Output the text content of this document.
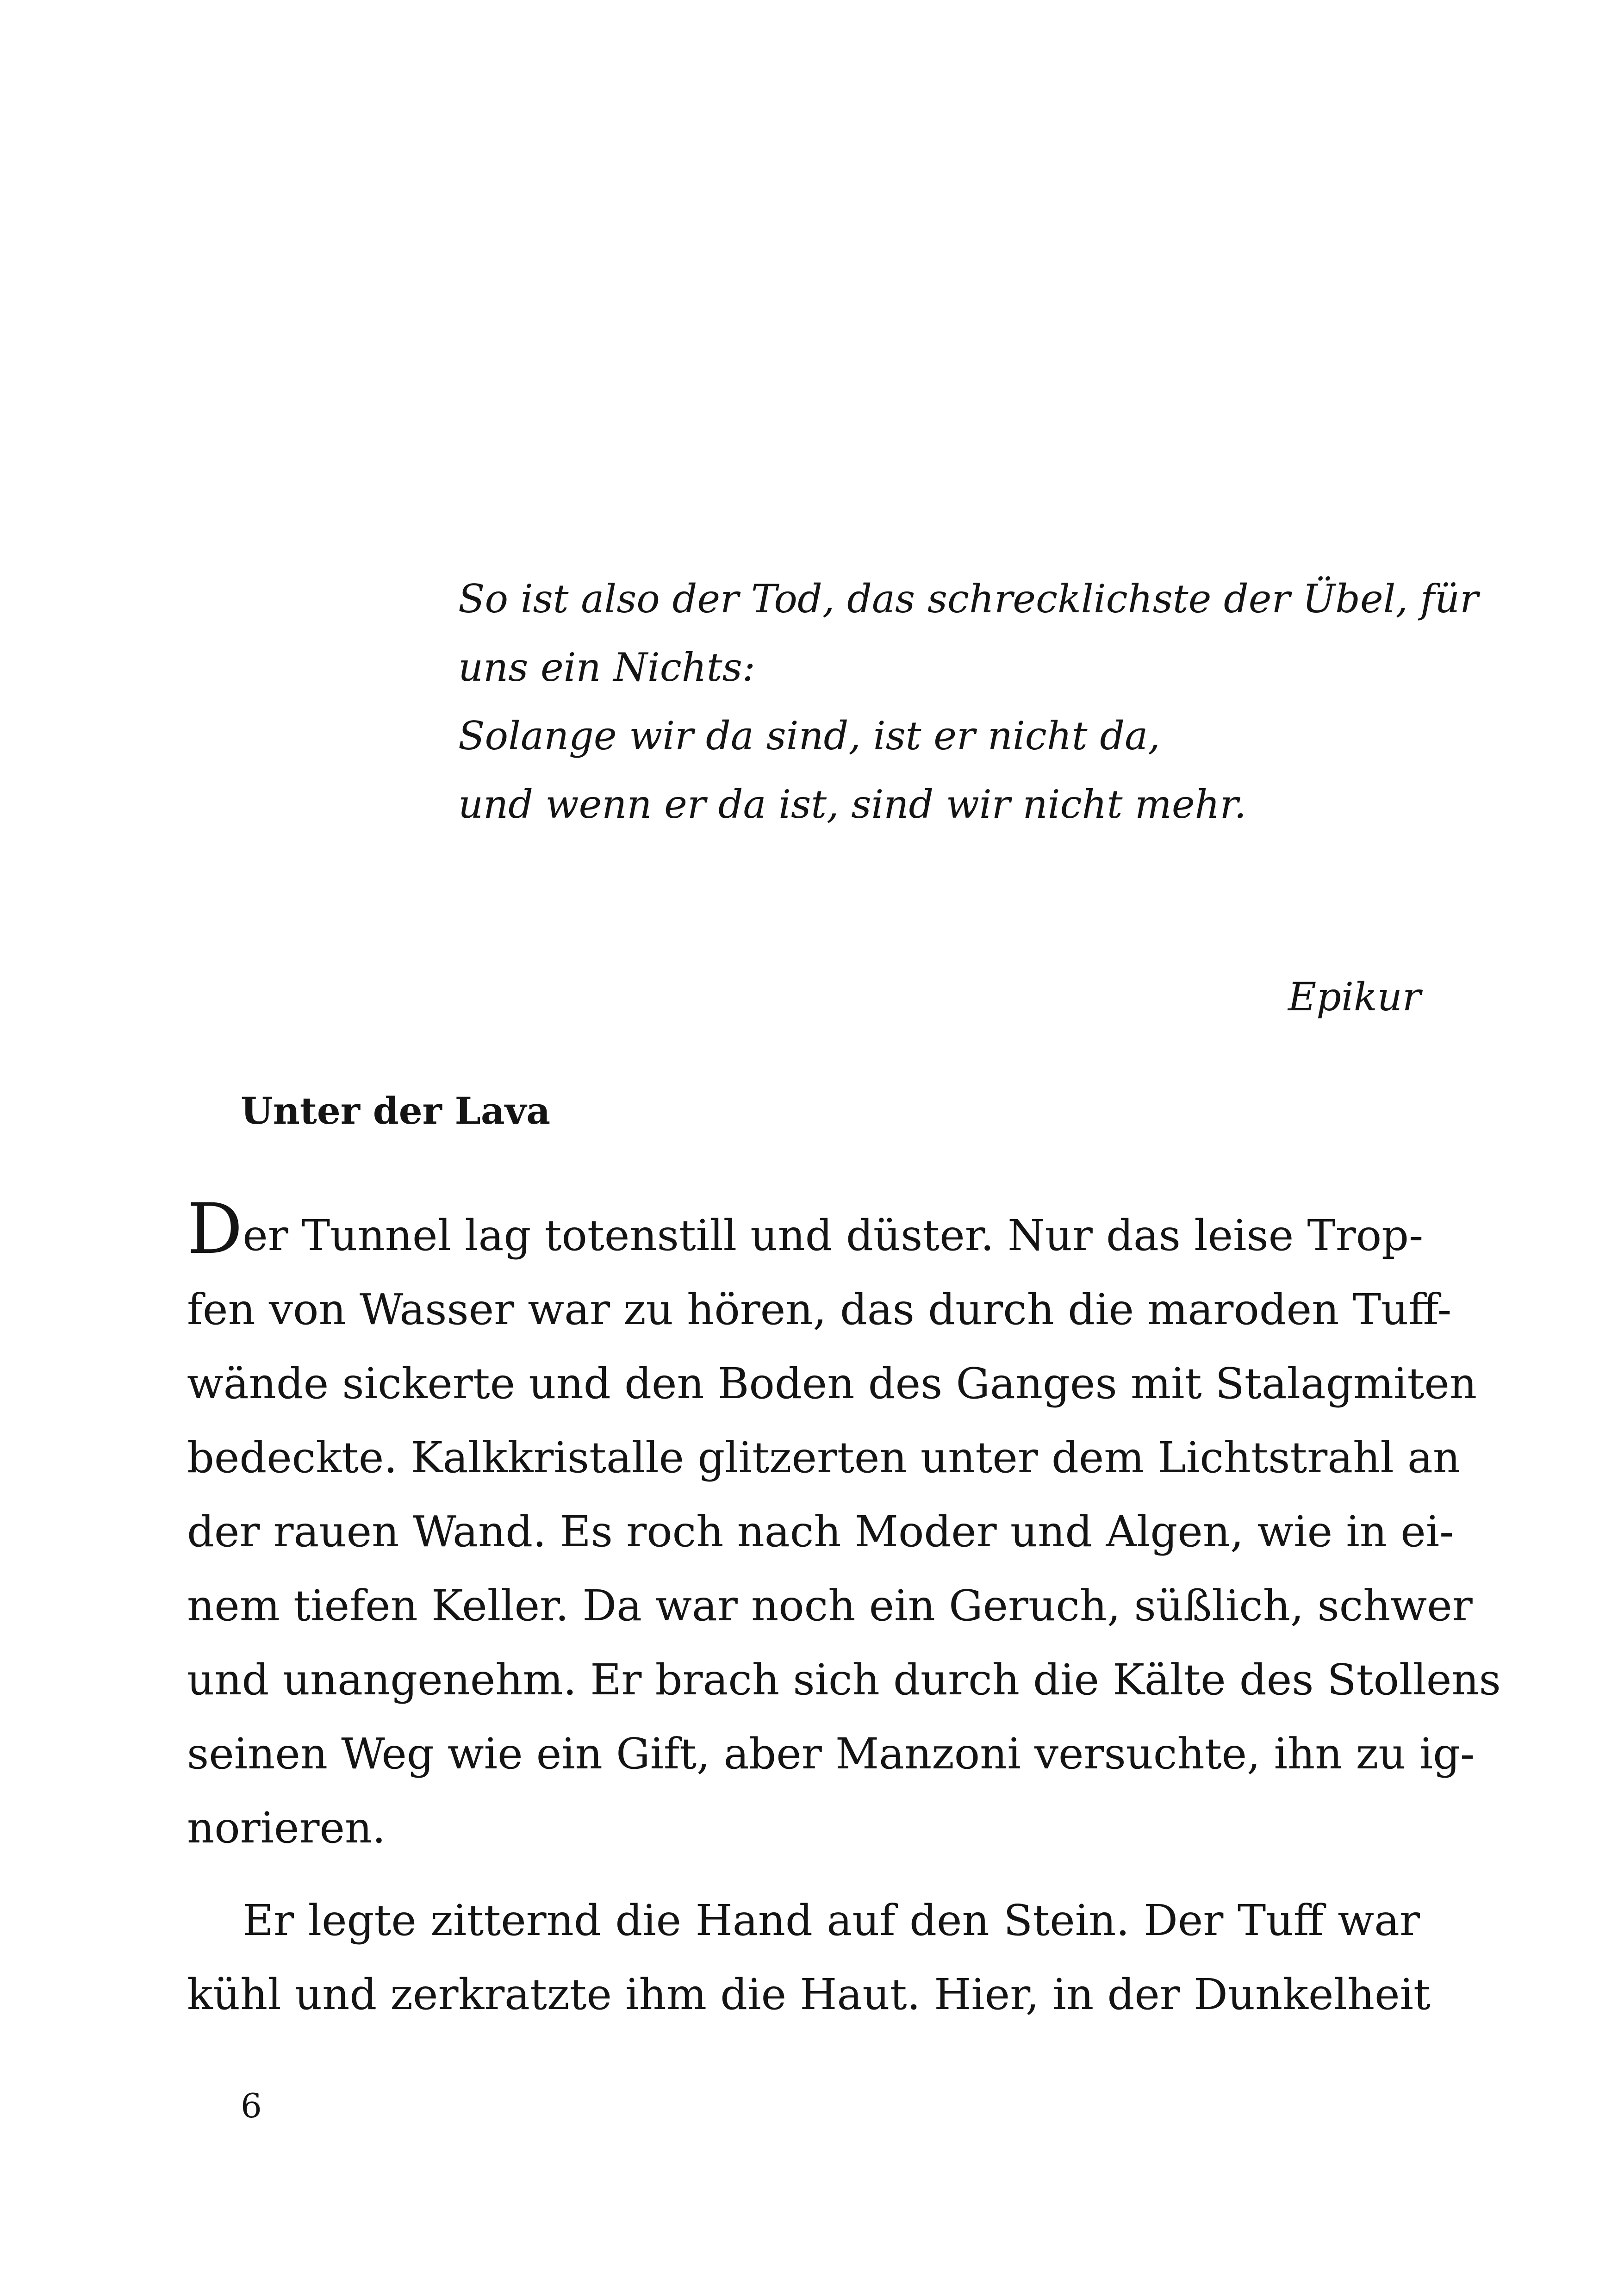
So ist also der Tod, das schrecklichste der Übel, für
uns ein Nichts:
Solange wir da sind, ist er nicht da,
und wenn er da ist, sind wir nicht mehr.
Epikur
Unter der Lava
Der Tunnel lag totenstill und düster. Nur das leise Trop-
fen von Wasser war zu hören, das durch die maroden Tuff-
wände sickerte und den Boden des Ganges mit Stalagmiten
bedeckte. Kalkkristalle glitzerten unter dem Lichtstrahl an
der rauen Wand. Es roch nach Moder und Algen, wie in ei-
nem tiefen Keller. Da war noch ein Geruch, süßlich, schwer
und unangenehm. Er brach sich durch die Kälte des Stollens
seinen Weg wie ein Gift, aber Manzoni versuchte, ihn zu ig-
norieren.
Er legte zitternd die Hand auf den Stein. Der Tuff war
kühl und zerkratzte ihm die Haut. Hier, in der Dunkelheit
6
